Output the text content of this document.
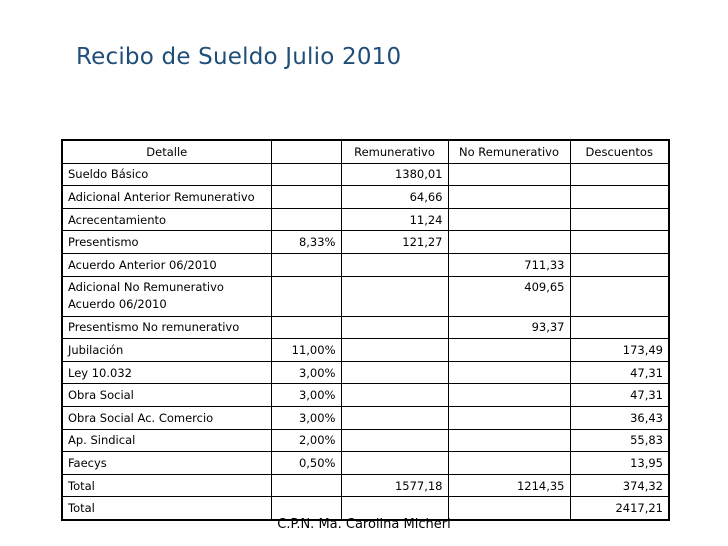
Recibo de Sueldo Julio 2010
Detalle		Remunerativo	No Remunerativo	Descuentos
Sueldo Básico		1380,01		
Adicional Anterior Remunerativo		64,66		
Acrecentamiento		11,24		
Presentismo	8,33%	121,27		
Acuerdo Anterior 06/2010			711,33	
Adicional No Remunerativo Acuerdo 06/2010			409,65	
Presentismo No remunerativo			93,37	
Jubilación	11,00%			173,49
Ley 10.032	3,00%			47,31
Obra Social	3,00%			47,31
Obra Social Ac. Comercio	3,00%			36,43
Ap. Sindical	2,00%			55,83
Faecys	0,50%			13,95
Total		1577,18	1214,35	374,32
Total				2417,21
C.P.N. Ma. Carolina Micheri
